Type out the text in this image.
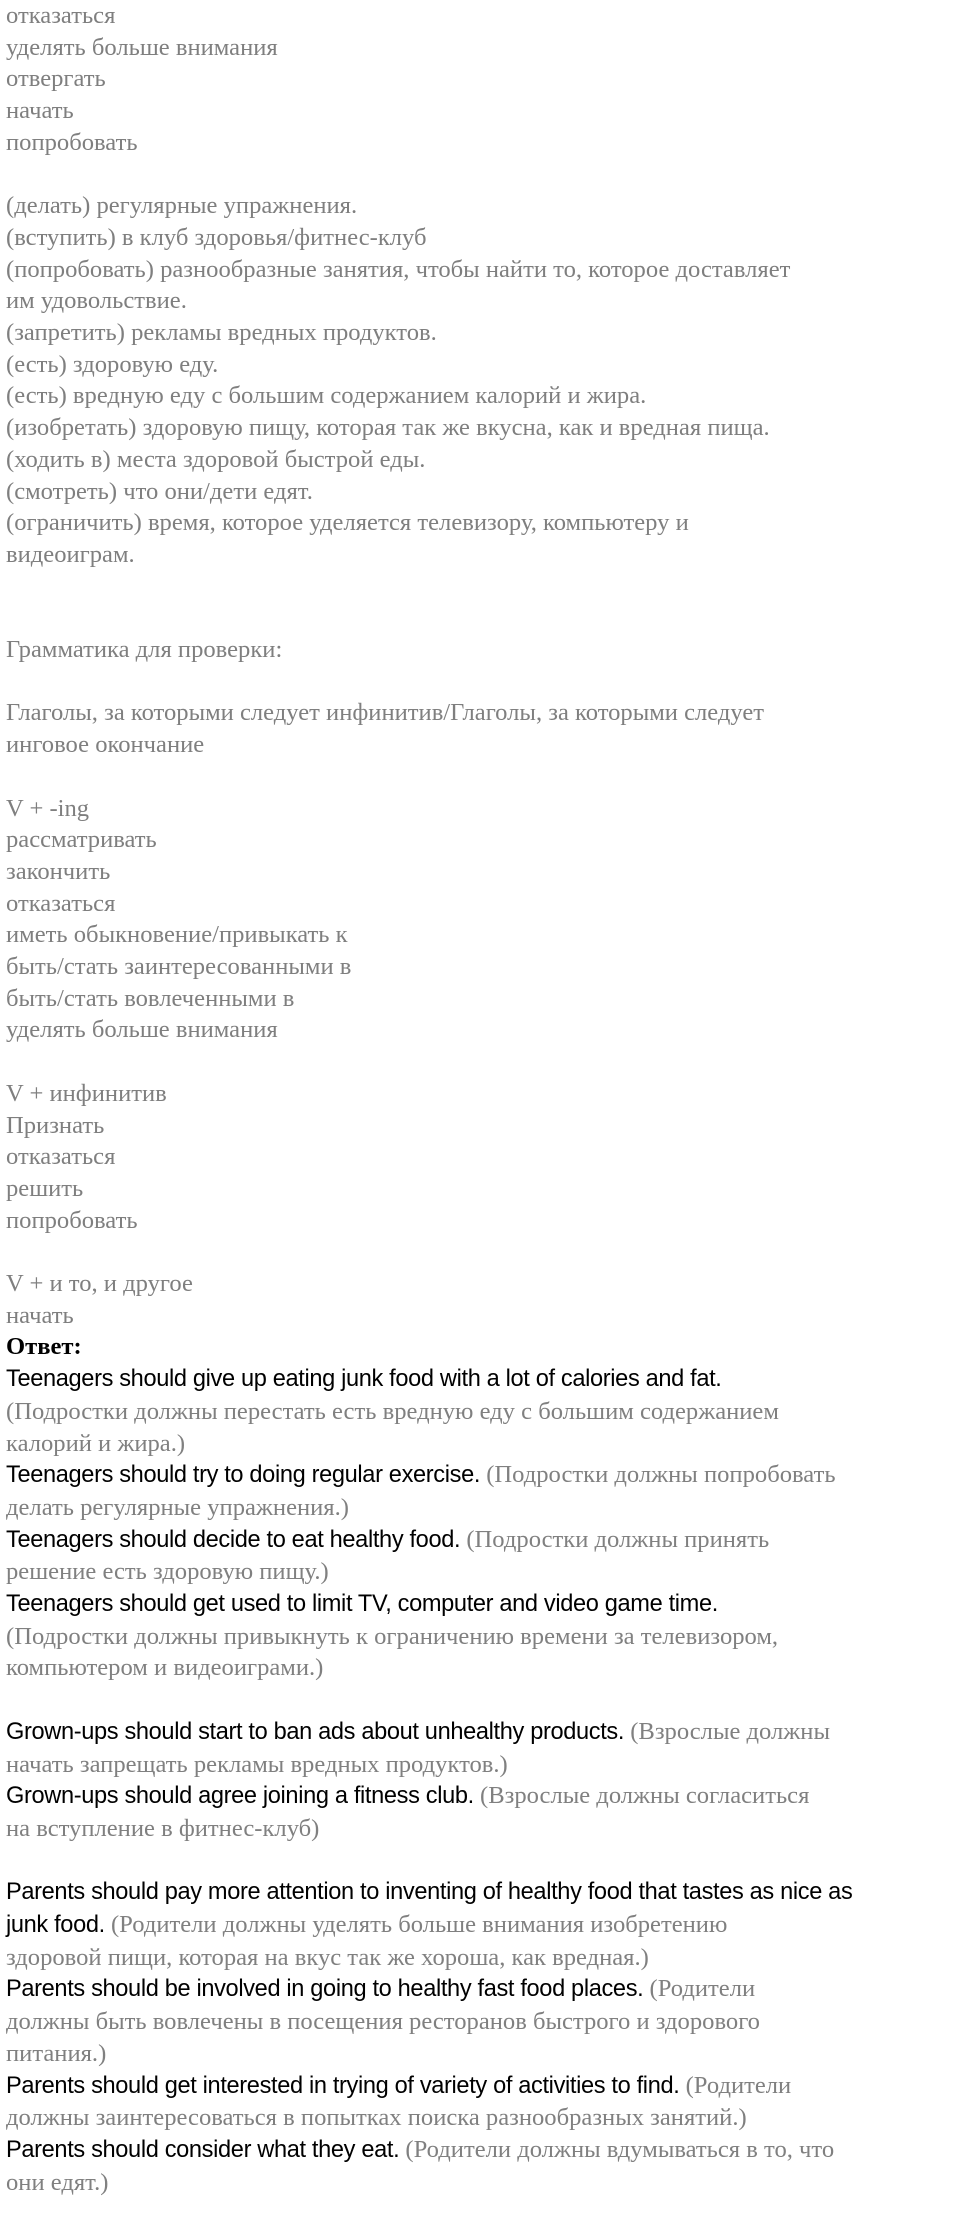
отказаться
уделять больше внимания
отвергать
начать
попробовать
(делать) регулярные упражнения.
(вступить) в клуб здоровья/фитнес-клуб
(попробовать) разнообразные занятия, чтобы найти то, которое доставляет
им удовольствие.
(запретить) рекламы вредных продуктов.
(есть) здоровую еду.
(есть) вредную еду с большим содержанием калорий и жира.
(изобретать) здоровую пищу, которая так же вкусна, как и вредная пища.
(ходить в) места здоровой быстрой еды.
(смотреть) что они/дети едят.
(ограничить) время, которое уделяется телевизору, компьютеру и
видеоиграм.
Грамматика для проверки:
Глаголы, за которыми следует инфинитив/Глаголы, за которыми следует
инговое окончание
V + -ing
рассматривать
закончить
отказаться
иметь обыкновение/привыкать к
быть/стать заинтересованными в
быть/стать вовлеченными в
уделять больше внимания
V + инфинитив
Признать
отказаться
решить
попробовать
V + и то, и другое
начать
Ответ:
Teenagers should give up eating junk food with a lot of calories and fat.
(Подростки должны перестать есть вредную еду с большим содержанием
калорий и жира.)
Teenagers should try to doing regular exercise. (Подростки должны попробовать
делать регулярные упражнения.)
Teenagers should decide to eat healthy food. (Подростки должны принять
решение есть здоровую пищу.)
Teenagers should get used to limit TV, computer and video game time.
(Подростки должны привыкнуть к ограничению времени за телевизором,
компьютером и видеоиграми.)
Grown-ups should start to ban ads about unhealthy products. (Взрослые должны
начать запрещать рекламы вредных продуктов.)
Grown-ups should agree joining a fitness club. (Взрослые должны согласиться
на вступление в фитнес-клуб)
Parents should pay more attention to inventing of healthy food that tastes as nice as
junk food. (Родители должны уделять больше внимания изобретению
здоровой пищи, которая на вкус так же хороша, как вредная.)
Parents should be involved in going to healthy fast food places. (Родители
должны быть вовлечены в посещения ресторанов быстрого и здорового
питания.)
Parents should get interested in trying of variety of activities to find. (Родители
должны заинтересоваться в попытках поиска разнообразных занятий.)
Parents should consider what they eat. (Родители должны вдумываться в то, что
они едят.)
